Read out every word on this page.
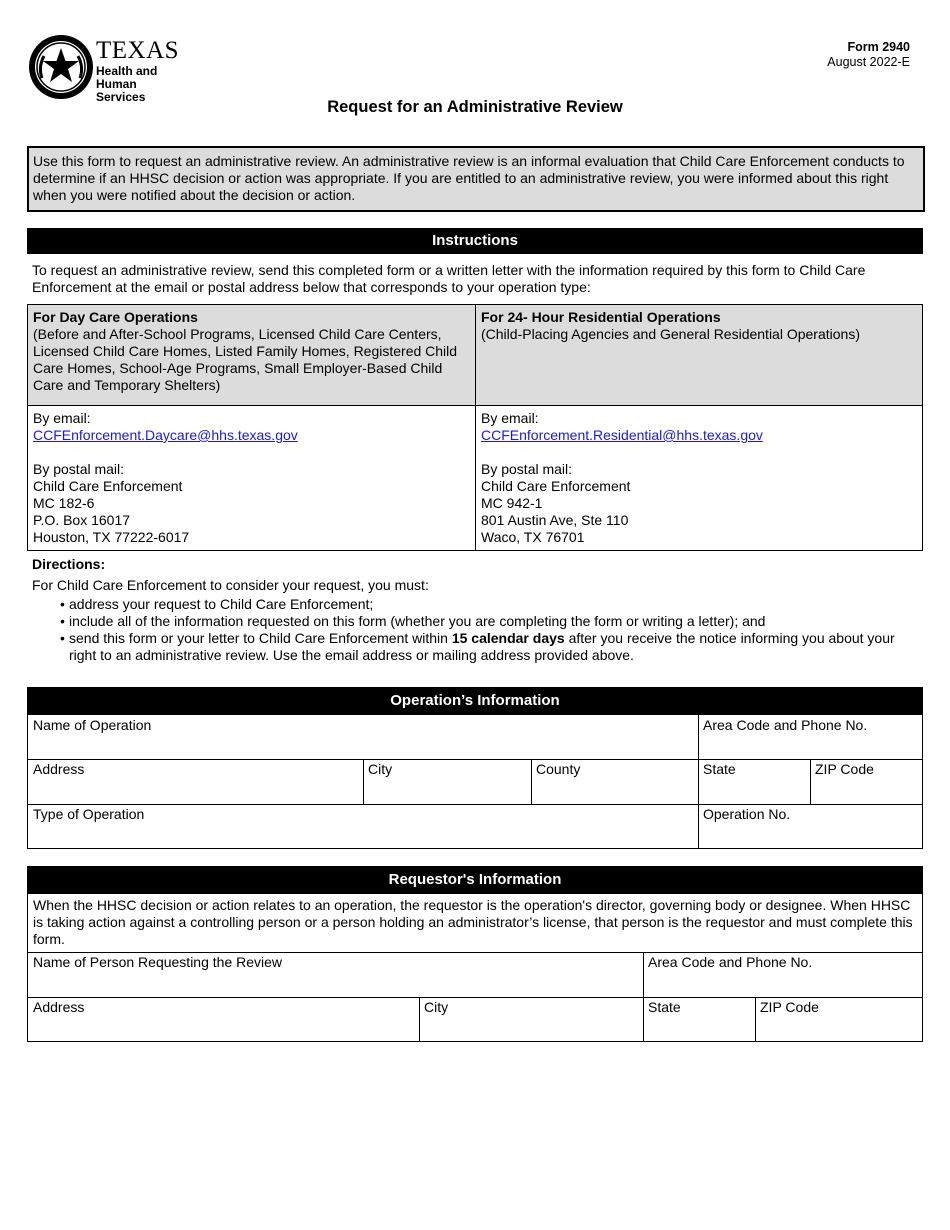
TEXAS
Health and Human
Services
Form 2940
August 2022-E
Request for an Administrative Review
Use this form to request an administrative review. An administrative review is an informal evaluation that Child Care Enforcement conducts to determine if an HHSC decision or action was appropriate. If you are entitled to an administrative review, you were informed about this right when you were notified about the decision or action.
Instructions
To request an administrative review, send this completed form or a written letter with the information required by this form to Child Care Enforcement at the email or postal address below that corresponds to your operation type:
For Day Care Operations
(Before and After-School Programs, Licensed Child Care Centers, Licensed Child Care Homes, Listed Family Homes, Registered Child Care Homes, School-Age Programs, Small Employer-Based Child Care and Temporary Shelters)
For 24- Hour Residential Operations
(Child-Placing Agencies and General Residential Operations)
By email:
CCFEnforcement.Daycare@hhs.texas.gov

By postal mail:
Child Care Enforcement
MC 182-6
P.O. Box 16017
Houston, TX 77222-6017
By email:
CCFEnforcement.Residential@hhs.texas.gov

By postal mail:
Child Care Enforcement
MC 942-1
801 Austin Ave, Ste 110
Waco, TX 76701
Directions:
For Child Care Enforcement to consider your request, you must:
• address your request to Child Care Enforcement;
• include all of the information requested on this form (whether you are completing the form or writing a letter); and
• send this form or your letter to Child Care Enforcement within 15 calendar days after you receive the notice informing you about your right to an administrative review. Use the email address or mailing address provided above.
Operation’s Information
Name of Operation	Area Code and Phone No.
Address	City	County	State	ZIP Code
Type of Operation	Operation No.
Requestor's Information
When the HHSC decision or action relates to an operation, the requestor is the operation's director, governing body or designee. When HHSC is taking action against a controlling person or a person holding an administrator’s license, that person is the requestor and must complete this form.
Name of Person Requesting the Review	Area Code and Phone No.
Address	City	State	ZIP Code
